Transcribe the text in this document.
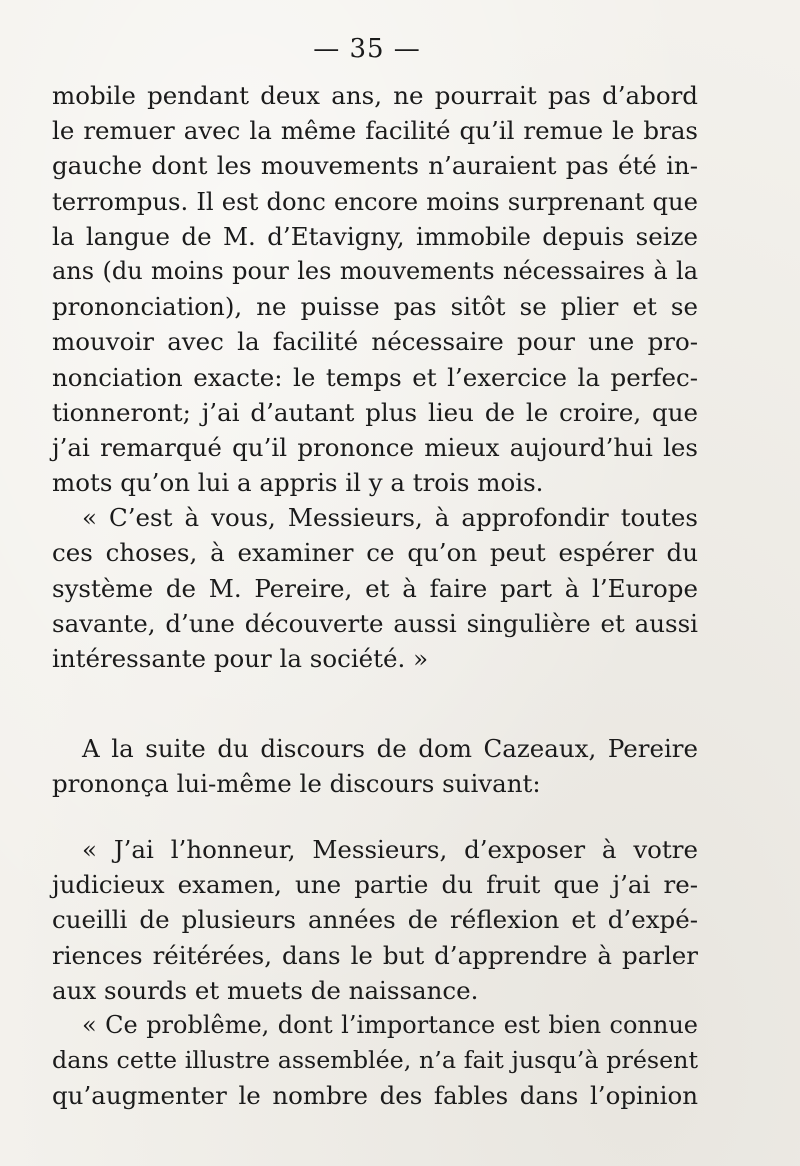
— 35 —
mobile pendant deux ans, ne pourrait pas d’abord
le remuer avec la même facilité qu’il remue le bras
gauche dont les mouvements n’auraient pas été in-
terrompus. Il est donc encore moins surprenant que
la langue de M. d’Etavigny, immobile depuis seize
ans (du moins pour les mouvements nécessaires à la
prononciation), ne puisse pas sitôt se plier et se
mouvoir avec la facilité nécessaire pour une pro-
nonciation exacte: le temps et l’exercice la perfec-
tionneront; j’ai d’autant plus lieu de le croire, que
j’ai remarqué qu’il prononce mieux aujourd’hui les
mots qu’on lui a appris il y a trois mois.
« C’est à vous, Messieurs, à approfondir toutes
ces choses, à examiner ce qu’on peut espérer du
système de M. Pereire, et à faire part à l’Europe
savante, d’une découverte aussi singulière et aussi
intéressante pour la société. »
A la suite du discours de dom Cazeaux, Pereire
prononça lui-même le discours suivant:
« J’ai l’honneur, Messieurs, d’exposer à votre
judicieux examen, une partie du fruit que j’ai re-
cueilli de plusieurs années de réflexion et d’expé-
riences réitérées, dans le but d’apprendre à parler
aux sourds et muets de naissance.
« Ce problême, dont l’importance est bien connue
dans cette illustre assemblée, n’a fait jusqu’à présent
qu’augmenter le nombre des fables dans l’opinion
